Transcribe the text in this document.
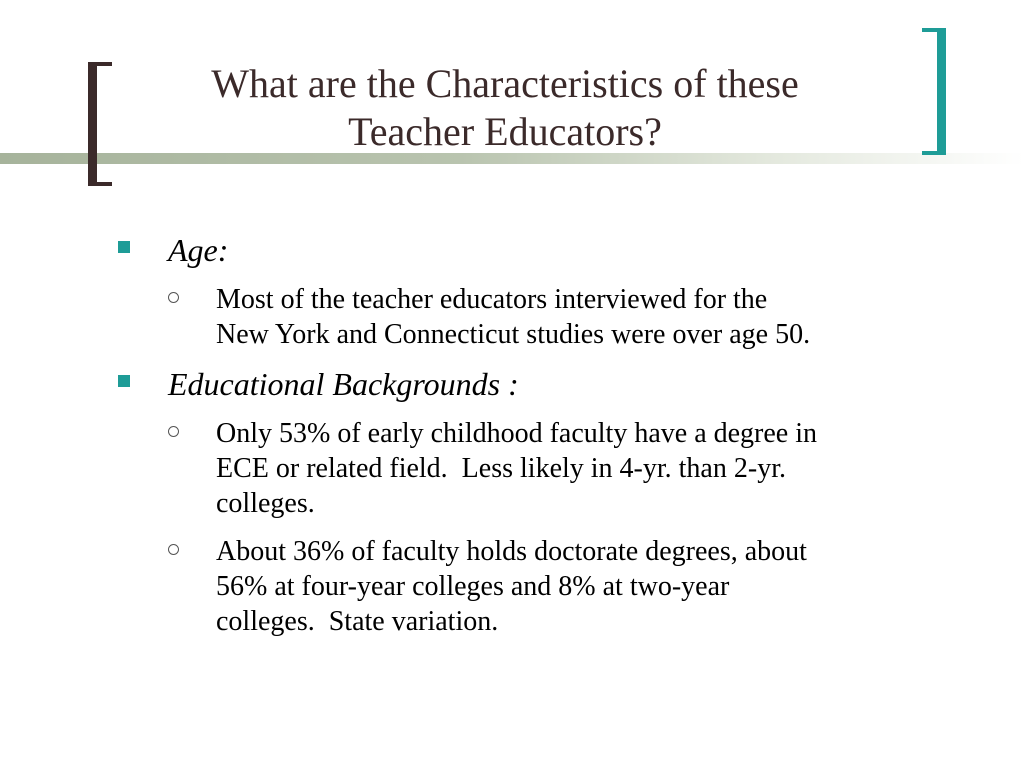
What are the Characteristics of these
Teacher Educators?
Age:
Most of the teacher educators interviewed for the
New York and Connecticut studies were over age 50.
Educational Backgrounds :
Only 53% of early childhood faculty have a degree in
ECE or related field.  Less likely in 4-yr. than 2-yr.
colleges.
About 36% of faculty holds doctorate degrees, about
56% at four-year colleges and 8% at two-year
colleges.  State variation.
